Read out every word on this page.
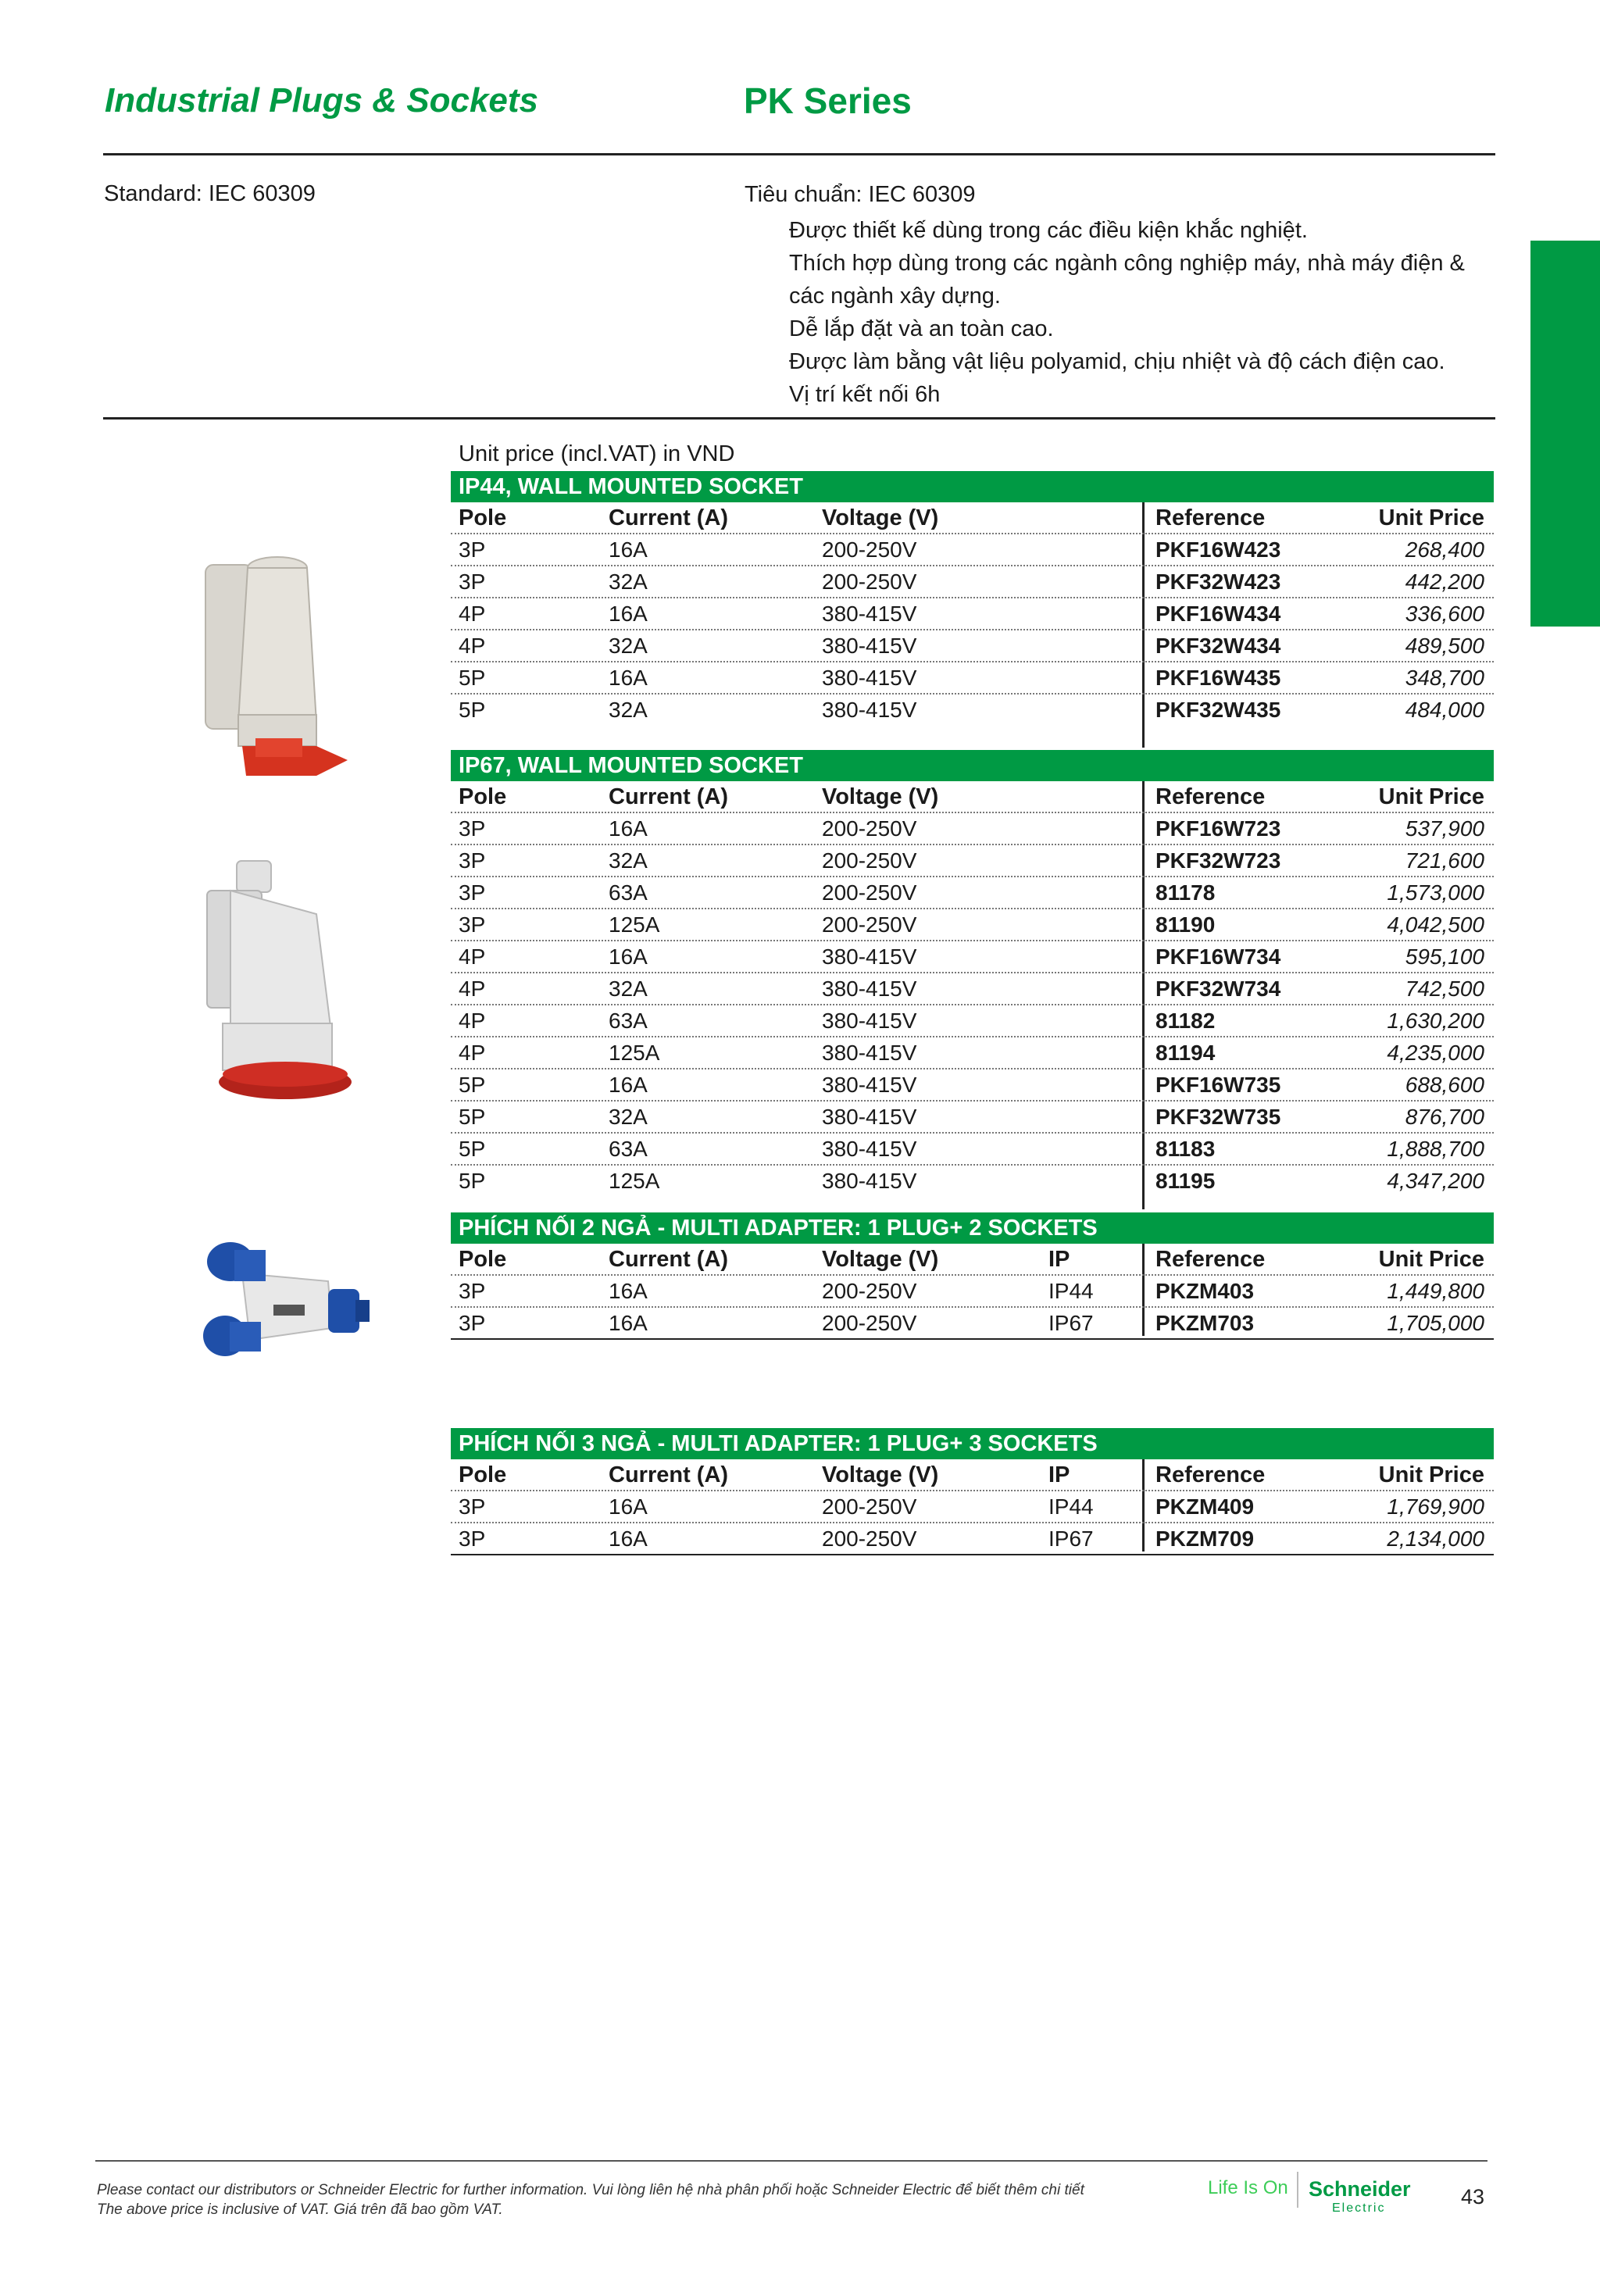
Industrial Plugs & Sockets	PK Series
Standard: IEC 60309	Tiêu chuẩn: IEC 60309
Được thiết kế dùng trong các điều kiện khắc nghiệt.
Thích hợp dùng trong các ngành công nghiệp máy, nhà máy điện & các ngành xây dựng.
Dễ lắp đặt và an toàn cao.
Được làm bằng vật liệu polyamid, chịu nhiệt và độ cách điện cao.
Vị trí kết nối 6h
Unit price (incl.VAT) in VND
IP44, WALL MOUNTED SOCKET
Pole	Current (A)	Voltage (V)	Reference	Unit Price
3P	16A	200-250V	PKF16W423	268,400
3P	32A	200-250V	PKF32W423	442,200
4P	16A	380-415V	PKF16W434	336,600
4P	32A	380-415V	PKF32W434	489,500
5P	16A	380-415V	PKF16W435	348,700
5P	32A	380-415V	PKF32W435	484,000
IP67, WALL MOUNTED SOCKET
Pole	Current (A)	Voltage (V)	Reference	Unit Price
3P	16A	200-250V	PKF16W723	537,900
3P	32A	200-250V	PKF32W723	721,600
3P	63A	200-250V	81178	1,573,000
3P	125A	200-250V	81190	4,042,500
4P	16A	380-415V	PKF16W734	595,100
4P	32A	380-415V	PKF32W734	742,500
4P	63A	380-415V	81182	1,630,200
4P	125A	380-415V	81194	4,235,000
5P	16A	380-415V	PKF16W735	688,600
5P	32A	380-415V	PKF32W735	876,700
5P	63A	380-415V	81183	1,888,700
5P	125A	380-415V	81195	4,347,200
PHÍCH NỐI 2 NGẢ - MULTI ADAPTER: 1 PLUG+ 2 SOCKETS
Pole	Current (A)	Voltage (V)	IP	Reference	Unit Price
3P	16A	200-250V	IP44	PKZM403	1,449,800
3P	16A	200-250V	IP67	PKZM703	1,705,000
PHÍCH NỐI 3 NGẢ - MULTI ADAPTER: 1 PLUG+ 3 SOCKETS
Pole	Current (A)	Voltage (V)	IP	Reference	Unit Price
3P	16A	200-250V	IP44	PKZM409	1,769,900
3P	16A	200-250V	IP67	PKZM709	2,134,000
Please contact our distributors or Schneider Electric for further information. Vui lòng liên hệ nhà phân phối hoặc Schneider Electric để biết thêm chi tiết
The above price is inclusive of VAT. Giá trên đã bao gồm VAT.
Life Is On Schneider
Electric	43
